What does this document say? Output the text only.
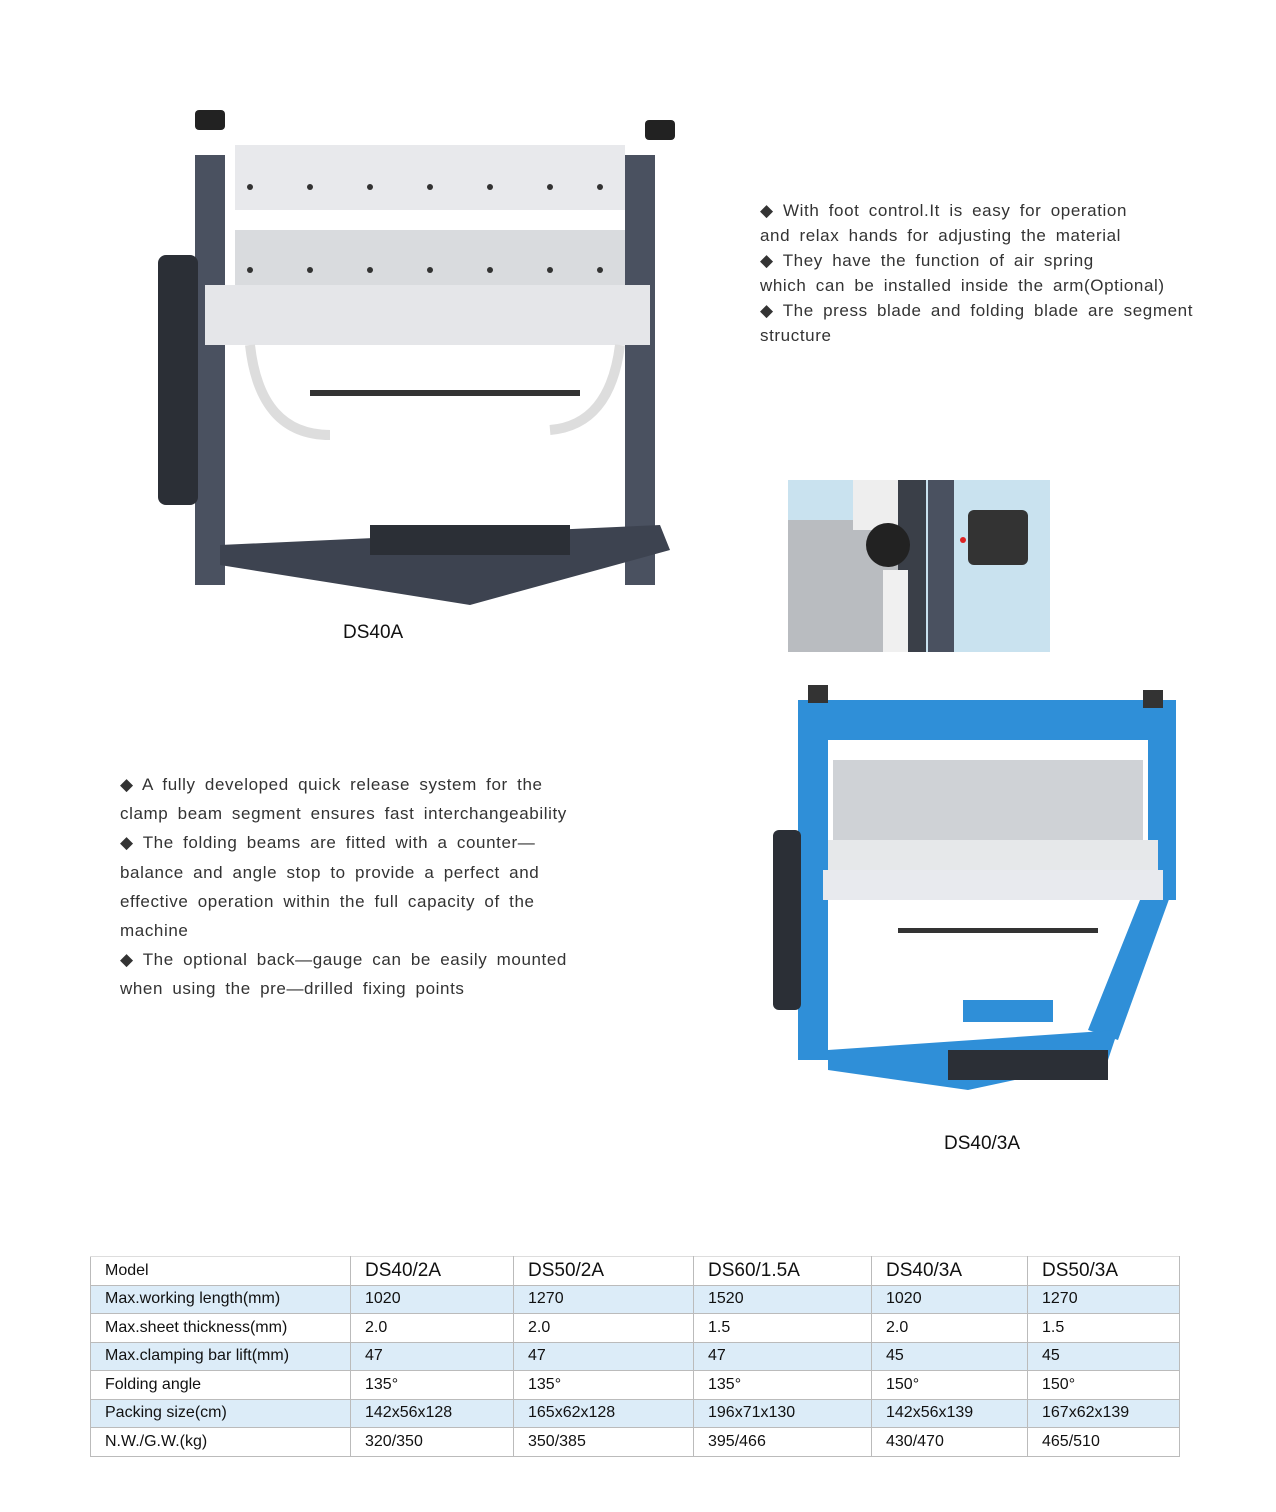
DS40A

◆ With foot control.It is easy for operation

and relax hands for adjusting the material

◆ They have the function of air spring

which can be installed inside the arm(Optional)

◆ The press blade and folding blade are segment

structure

◆ A fully developed quick release system for the

clamp beam segment ensures fast interchangeability

◆ The folding beams are fitted with a counter—

balance and angle stop to provide a perfect and

effective operation within the full capacity of the

machine

◆ The optional back—gauge can be easily mounted

when using the pre—drilled fixing points

DS40/3A
Model	DS40/2A	DS50/2A	DS60/1.5A	DS40/3A	DS50/3A
Max.working length(mm)	1020	1270	1520	1020	1270
Max.sheet thickness(mm)	2.0	2.0	1.5	2.0	1.5
Max.clamping bar lift(mm)	47	47	47	45	45
Folding angle	135°	135°	135°	150°	150°
Packing size(cm)	142x56x128	165x62x128	196x71x130	142x56x139	167x62x139
N.W./G.W.(kg)	320/350	350/385	395/466	430/470	465/510
